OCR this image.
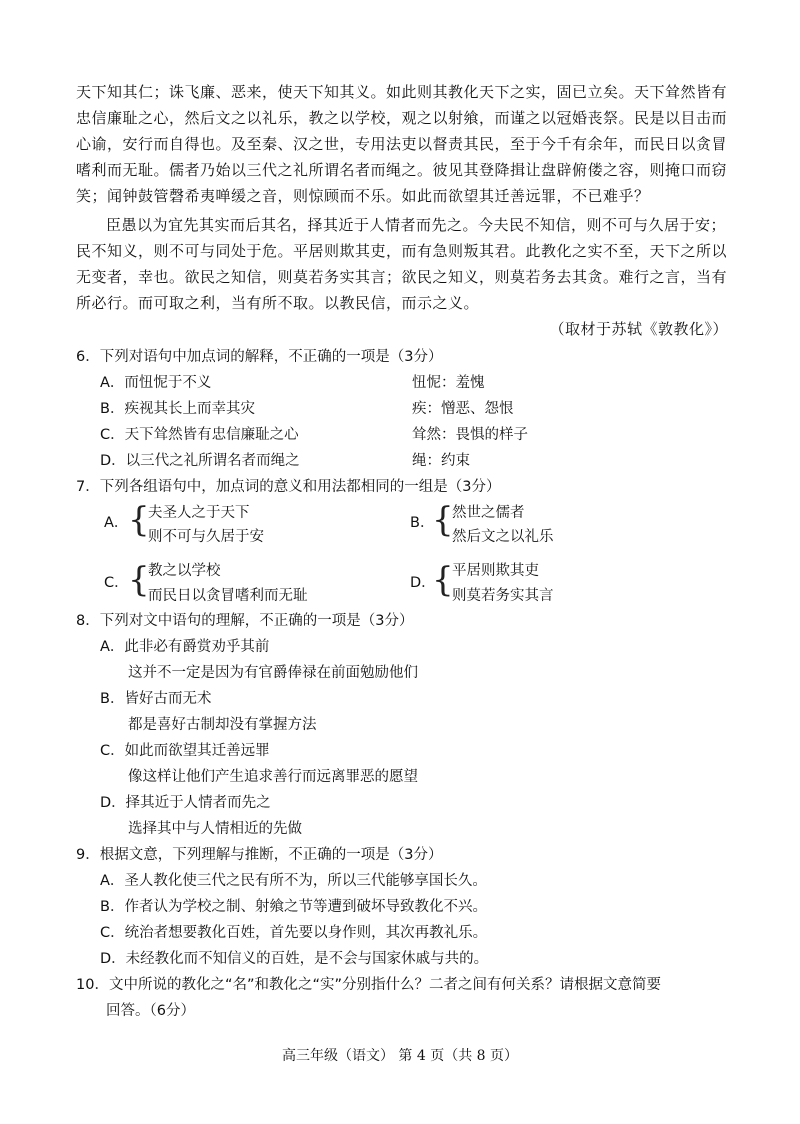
天下知其仁；诛飞廉、恶来，使天下知其义。如此则其教化天下之实，固已立矣。天下耸然皆有
忠信廉耻之心，然后文之以礼乐，教之以学校，观之以射飨，而谨之以冠婚丧祭。民是以目击而
心谕，安行而自得也。及至秦、汉之世，专用法吏以督责其民，至于今千有余年，而民日以贪冒
嗜利而无耻。儒者乃始以三代之礼所谓名者而绳之。彼见其登降揖让盘辟俯偻之容，则掩口而窃
笑；闻钟鼓管磬希夷啴缓之音，则惊顾而不乐。如此而欲望其迁善远罪，不已难乎？
臣愚以为宜先其实而后其名，择其近于人情者而先之。今夫民不知信，则不可与久居于安；
民不知义，则不可与同处于危。平居则欺其吏，而有急则叛其君。此教化之实不至，天下之所以
无变者，幸也。欲民之知信，则莫若务实其言；欲民之知义，则莫若务去其贪。难行之言，当有
所必行。而可取之利，当有所不取。以教民信，而示之义。
（取材于苏轼《敦教化》）
6．下列对语句中加点词的解释，不正确的一项是（3分）
A．而忸怩于不义	忸怩：羞愧
B．疾视其长上而幸其灾	疾：憎恶、怨恨
C．天下耸然皆有忠信廉耻之心	耸然：畏惧的样子
D．以三代之礼所谓名者而绳之	绳：约束
7．下列各组语句中，加点词的意义和用法都相同的一组是（3分）
A． {
夫圣人之于天下
则不可与久居于安
B．
{
然世之儒者
然后文之以礼乐
C． {
教之以学校
而民日以贪冒嗜利而无耻
D．
{
平居则欺其吏
则莫若务实其言
8．下列对文中语句的理解，不正确的一项是（3分）
A．此非必有爵赏劝乎其前
这并不一定是因为有官爵俸禄在前面勉励他们
B．皆好古而无术
都是喜好古制却没有掌握方法
C．如此而欲望其迁善远罪
像这样让他们产生追求善行而远离罪恶的愿望
D．择其近于人情者而先之
选择其中与人情相近的先做
9．根据文意，下列理解与推断，不正确的一项是（3分）
A．圣人教化使三代之民有所不为，所以三代能够享国长久。
B．作者认为学校之制、射飨之节等遭到破坏导致教化不兴。
C．统治者想要教化百姓，首先要以身作则，其次再教礼乐。
D．未经教化而不知信义的百姓，是不会与国家休戚与共的。
10．文中所说的教化之“名”和教化之“实”分别指什么？二者之间有何关系？请根据文意简要
回答。（6分）
高三年级（语文） 第 4 页（共 8 页）
